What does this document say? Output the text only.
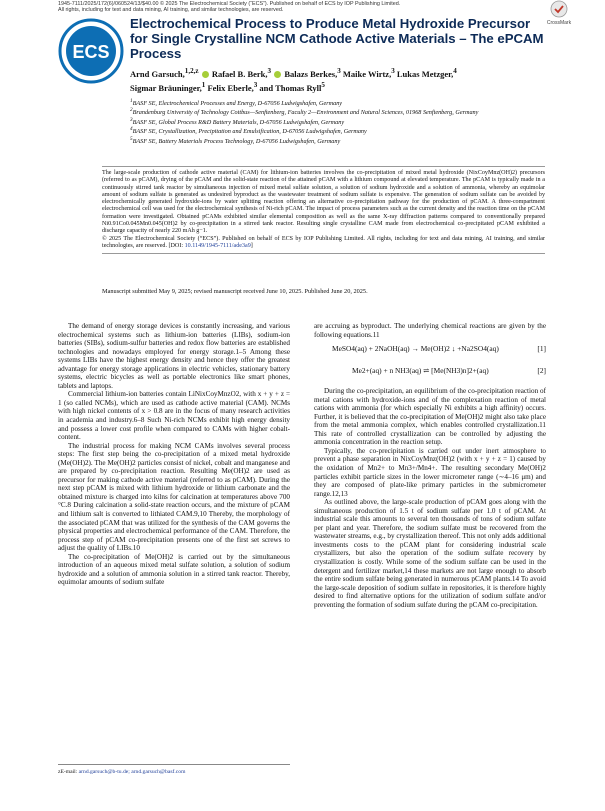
1945-7111/2025/172(6)/060524/13/$40.00 © 2025 The Electrochemical Society (“ECS”). Published on behalf of ECS by IOP Publishing Limited.
All rights, including for text and data mining, AI training, and similar technologies, are reserved.
CrossMark
ECS
Electrochemical Process to Produce Metal Hydroxide Precursor for Single Crystalline NCM Cathode Active Materials – The ePCAM Process
Arnd Garsuch,$^{1,2,z}$  Rafael B. Berk,$^3$  Balazs Berkes,$^3$ Maike Wirtz,$^3$ Lukas Metzger,$^4$
Sigmar Bräuninger,$^1$ Felix Eberle,$^3$ and Thomas Ryll$^5$
$^1$BASF SE, Electrochemical Processes and Energy, D-67056 Ludwigshafen, Germany
$^2$Brandenburg University of Technology Cottbus—Senftenberg, Faculty 2—Environment and Natural Sciences, 01968 Senftenberg, Germany
$^3$BASF SE, Global Process R&D Battery Materials, D-67056 Ludwigshafen, Germany
$^4$BASF SE, Crystallization, Precipitation and Emulsification, D-67056 Ludwigshafen, Germany
$^5$BASF SE, Battery Materials Process Technology, D-67056 Ludwigshafen, Germany
The large-scale production of cathode active material (CAM) for lithium-ion batteries involves the co-precipitation of mixed metal hydroxide (NixCoyMnz(OH)2) precursors (referred to as pCAM), drying of the pCAM and the solid-state reaction of the attained pCAM with a lithium compound at elevated temperature. The pCAM is typically made in a continuously stirred tank reactor by simultaneous injection of mixed metal sulfate solution, a solution of sodium hydroxide and a solution of ammonia, whereby an equimolar amount of sodium sulfate is generated as undesired byproduct as the wastewater treatment of sodium sulfate is expensive. The generation of sodium sulfate can be avoided by electrochemically generated hydroxide-ions by water splitting reaction offering an alternative co-precipitation pathway for the production of pCAM. A three-compartment electrochemical cell was used for the electrochemical synthesis of Ni-rich pCAM. The impact of process parameters such as the current density and the reaction time on the pCAM formation were investigated. Obtained pCAMs exhibited similar elemental composition as well as the same X-ray diffraction patterns compared to conventionally prepared Ni0.91Co0.045Mn0.045(OH)2 by co-precipitation in a stirred tank reactor. Resulting single crystalline CAM made from electrochemical co-precipitated pCAM exhibited a discharge capacity of nearly 220 mAh g−1.
© 2025 The Electrochemical Society (“ECS”). Published on behalf of ECS by IOP Publishing Limited. All rights, including for text and data mining, AI training, and similar technologies, are reserved. [DOI: 10.1149/1945-7111/ade3a9]
Manuscript submitted May 9, 2025; revised manuscript received June 10, 2025. Published June 20, 2025.

The demand of energy storage devices is constantly increasing, and various electrochemical systems such as lithium-ion batteries (LIBs), sodium-ion batteries (SIBs), sodium-sulfur batteries and redox flow batteries are established technologies and nowadays employed for energy storage.1–5 Among these systems LIBs have the highest energy density and hence they offer the greatest advantage for energy storage applications in electric vehicles, stationary battery systems, electric bicycles as well as portable electronics like smart phones, tablets and laptops.

Commercial lithium-ion batteries contain LiNixCoyMnzO2, with x + y + z = 1 (so called NCMs), which are used as cathode active material (CAM). NCMs with high nickel contents of x > 0.8 are in the focus of many research activities in academia and industry.6–8 Such Ni-rich NCMs exhibit high energy density and possess a lower cost profile when compared to CAMs with higher cobalt-content.

The industrial process for making NCM CAMs involves several process steps: The first step being the co-precipitation of a mixed metal hydroxide (Me(OH)2). The Me(OH)2 particles consist of nickel, cobalt and manganese and are prepared by co-precipitation reaction. Resulting Me(OH)2 are used as precursor for making cathode active material (referred to as pCAM). During the next step pCAM is mixed with lithium hydroxide or lithium carbonate and the obtained mixture is charged into kilns for calcination at temperatures above 700 °C.8 During calcination a solid-state reaction occurs, and the mixture of pCAM and lithium salt is converted to lithiated CAM.9,10 Thereby, the morphology of the associated pCAM that was utilized for the synthesis of the CAM governs the physical properties and electrochemical performance of the CAM. Therefore, the process step of pCAM co-precipitation presents one of the first set screws to adjust the quality of LIBs.10

The co-precipitation of Me(OH)2 is carried out by the simultaneous introduction of an aqueous mixed metal sulfate solution, a solution of sodium hydroxide and a solution of ammonia solution in a stirred tank reactor. Thereby, equimolar amounts of sodium sulfate

zE-mail: arnd.garsuch@b-tu.de; arnd.garsuch@basf.com

are accruing as byproduct. The underlying chemical reactions are given by the following equations.11

MeSO4(aq) + 2NaOH(aq) → Me(OH)2 ↓ +Na2SO4(aq)	[1]
Me2+(aq) + n NH3(aq) ⇌ [Me(NH3)n]2+(aq)	[2]

During the co-precipitation, an equilibrium of the co-precipitation reaction of metal cations with hydroxide-ions and of the complexation reaction of metal cations with ammonia (for which especially Ni exhibits a high affinity) occurs. Further, it is believed that the co-precipitation of Me(OH)2 might also take place from the metal ammonia complex, which enables controlled crystallization.11 This rate of controlled crystallization can be controlled by adjusting the ammonia concentration in the reaction setup.

Typically, the co-precipitation is carried out under inert atmosphere to prevent a phase separation in NixCoyMnz(OH)2 (with x + y + z = 1) caused by the oxidation of Mn2+ to Mn3+/Mn4+. The resulting secondary Me(OH)2 particles exhibit particle sizes in the lower micrometer range (∼4–16 μm) and they are composed of plate-like primary particles in the submicrometer range.12,13

As outlined above, the large-scale production of pCAM goes along with the simultaneous production of 1.5 t of sodium sulfate per 1.0 t of pCAM. At industrial scale this amounts to several ten thousands of tons of sodium sulfate per plant and year. Therefore, the sodium sulfate must be recovered from the wastewater streams, e.g., by crystallization thereof. This not only adds additional investments costs to the pCAM plant for considering industrial scale crystallizers, but also the operation of the sodium sulfate recovery by crystallization is costly. While some of the sodium sulfate can be used in the detergent and fertilizer market,14 these markets are not large enough to absorb the entire sodium sulfate being generated in numerous pCAM plants.14 To avoid the large-scale deposition of sodium sulfate in repositories, it is therefore highly desired to find alternative options for the utilization of sodium sulfate and/or preventing the formation of sodium sulfate during the pCAM co-precipitation.
